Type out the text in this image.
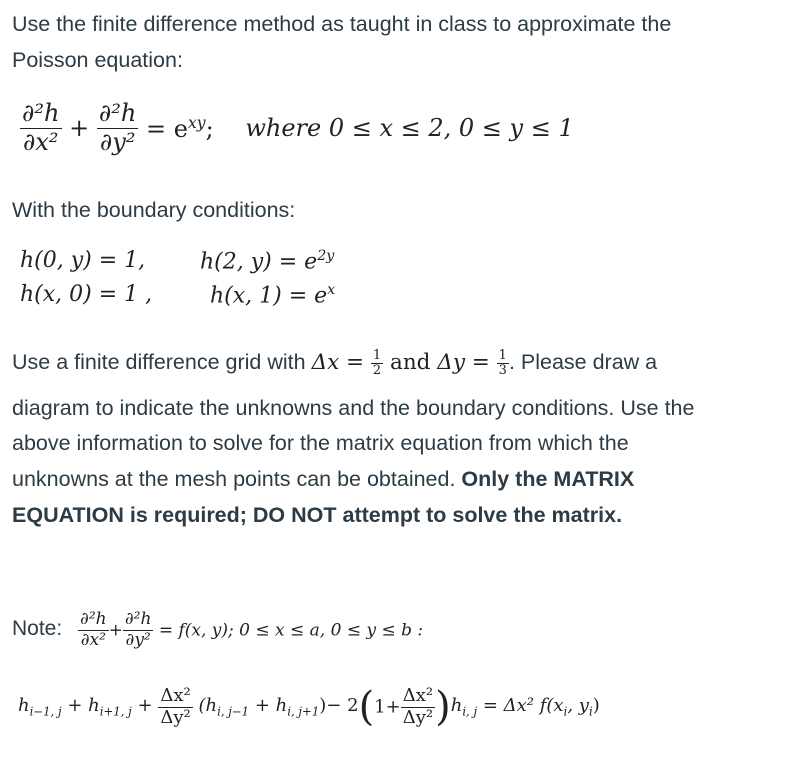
Use the finite difference method as taught in class to approximate the
Poisson equation:
$\frac{\text{∂²h}}{\text{∂x²}} + \frac{\text{∂²h}}{\text{∂y²}} = e^{xy}$; where 0 ≤ x ≤ 2, 0 ≤ y ≤ 1
With the boundary conditions:
h(0, y) = 1, h(2, $y) = e^{2y}$
h(x, 0) = 1 ,	h(x, $1) = e^x$
Use a finite difference grid with $\Delta x = \frac{1}{2}$ and $\Delta y = \frac{1}{3}$ . Please draw a
diagram to indicate the unknowns and the boundary conditions. Use the
above information to solve for the matrix equation from which the
unknowns at the mesh points can be obtained. Only the MATRIX
EQUATION is required; DO NOT attempt to solve the matrix.
Note: $\frac{\text{∂²h}}{\text{∂x²}} + \frac{\text{∂²h}}{\text{∂y²}} = f(x$, y); 0 ≤ x ≤ a, 0 ≤ y ≤ b :
$h_{i-1, j} + h_{i+1, j} + \frac{\text{Δx²}}{\text{Δy²}} (h_{i, j-1} + h_{i, j+1})- 2(1+ \frac{\text{Δx²}}{\text{Δy²}} )h_{i, j} = \Delta x^2$ $f(x_i$, $y_i$)
